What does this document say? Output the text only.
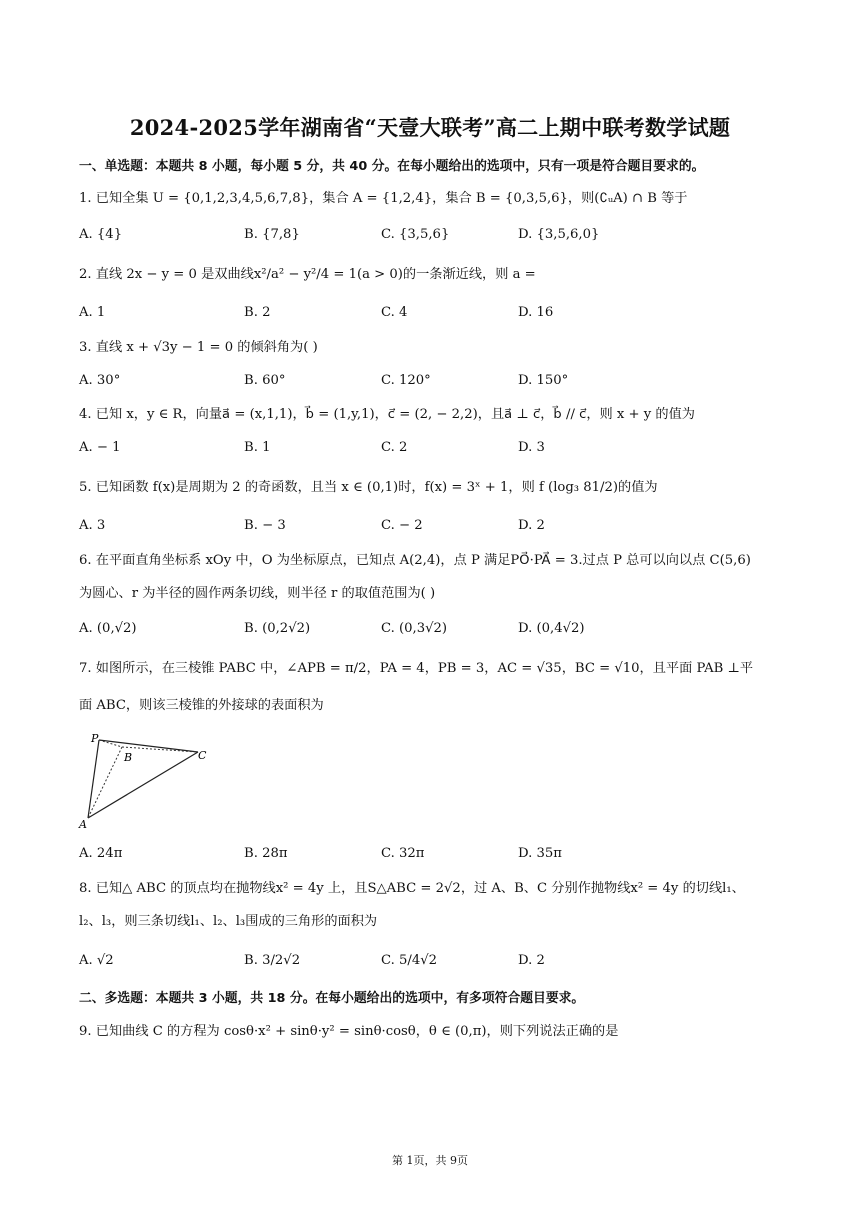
2024-2025学年湖南省“天壹大联考”高二上期中联考数学试题
一、单选题：本题共 8 小题，每小题 5 分，共 40 分。在每小题给出的选项中，只有一项是符合题目要求的。
1. 已知全集 U = {0,1,2,3,4,5,6,7,8}，集合 A = {1,2,4}，集合 B = {0,3,5,6}，则(∁ᵤA) ∩ B 等于
A. {4}	B. {7,8}	C. {3,5,6}	D. {3,5,6,0}
2. 直线 2x − y = 0 是双曲线x²/a² − y²/4 = 1(a > 0)的一条渐近线，则 a =
A. 1	B. 2	C. 4	D. 16
3. 直线 x + √3y − 1 = 0 的倾斜角为( )
A. 30°	B. 60°	C. 120°	D. 150°
4. 已知 x，y ∈ R，向量a⃗ = (x,1,1)，b⃗ = (1,y,1)，c⃗ = (2, − 2,2)，且a⃗ ⊥ c⃗，b⃗ // c⃗，则 x + y 的值为
A. − 1	B. 1	C. 2	D. 3
5. 已知函数 f(x)是周期为 2 的奇函数，且当 x ∈ (0,1)时，f(x) = 3ˣ + 1，则 f (log₃ 81/2)的值为
A. 3	B. − 3	C. − 2	D. 2
6. 在平面直角坐标系 xOy 中，O 为坐标原点，已知点 A(2,4)，点 P 满足PO⃗·PA⃗ = 3.过点 P 总可以向以点 C(5,6)
为圆心、r 为半径的圆作两条切线，则半径 r 的取值范围为( )
A. (0,√2)	B. (0,2√2)	C. (0,3√2)	D. (0,4√2)
7. 如图所示，在三棱锥 PABC 中，∠APB = π/2，PA = 4，PB = 3，AC = √35，BC = √10，且平面 PAB ⊥平
面 ABC，则该三棱锥的外接球的表面积为
P
B	C
A
A. 24π	B. 28π	C. 32π	D. 35π
8. 已知△ ABC 的顶点均在抛物线x² = 4y 上，且S△ABC = 2√2，过 A、B、C 分别作抛物线x² = 4y 的切线l₁、
l₂、l₃，则三条切线l₁、l₂、l₃围成的三角形的面积为
A. √2	B. 3/2√2	C. 5/4√2	D. 2
二、多选题：本题共 3 小题，共 18 分。在每小题给出的选项中，有多项符合题目要求。
9. 已知曲线 C 的方程为 cosθ·x² + sinθ·y² = sinθ·cosθ，θ ∈ (0,π)，则下列说法正确的是
第 1页，共 9页
